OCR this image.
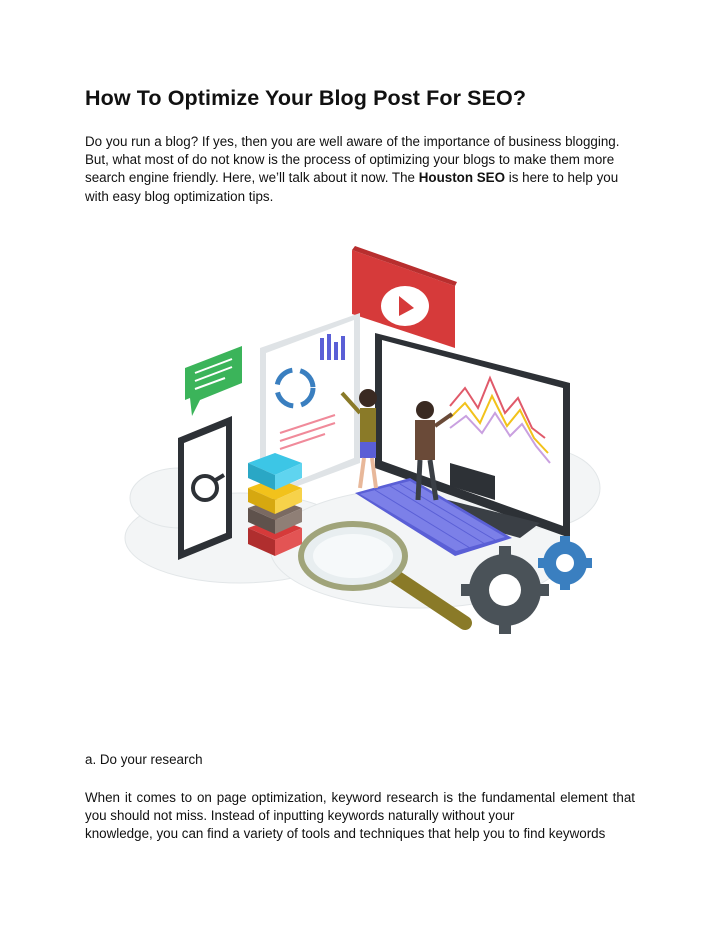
How To Optimize Your Blog Post For SEO?

Do you run a blog? If yes, then you are well aware of the importance of business blogging. But, what most of do not know is the process of optimizing your blogs to make them more search engine friendly. Here, we’ll talk about it now. The Houston SEO is here to help you with easy blog optimization tips.

a. Do your research

When it comes to on page optimization, keyword research is the fundamental element that you should not miss. Instead of inputting keywords naturally without your
knowledge, you can find a variety of tools and techniques that help you to find keywords
